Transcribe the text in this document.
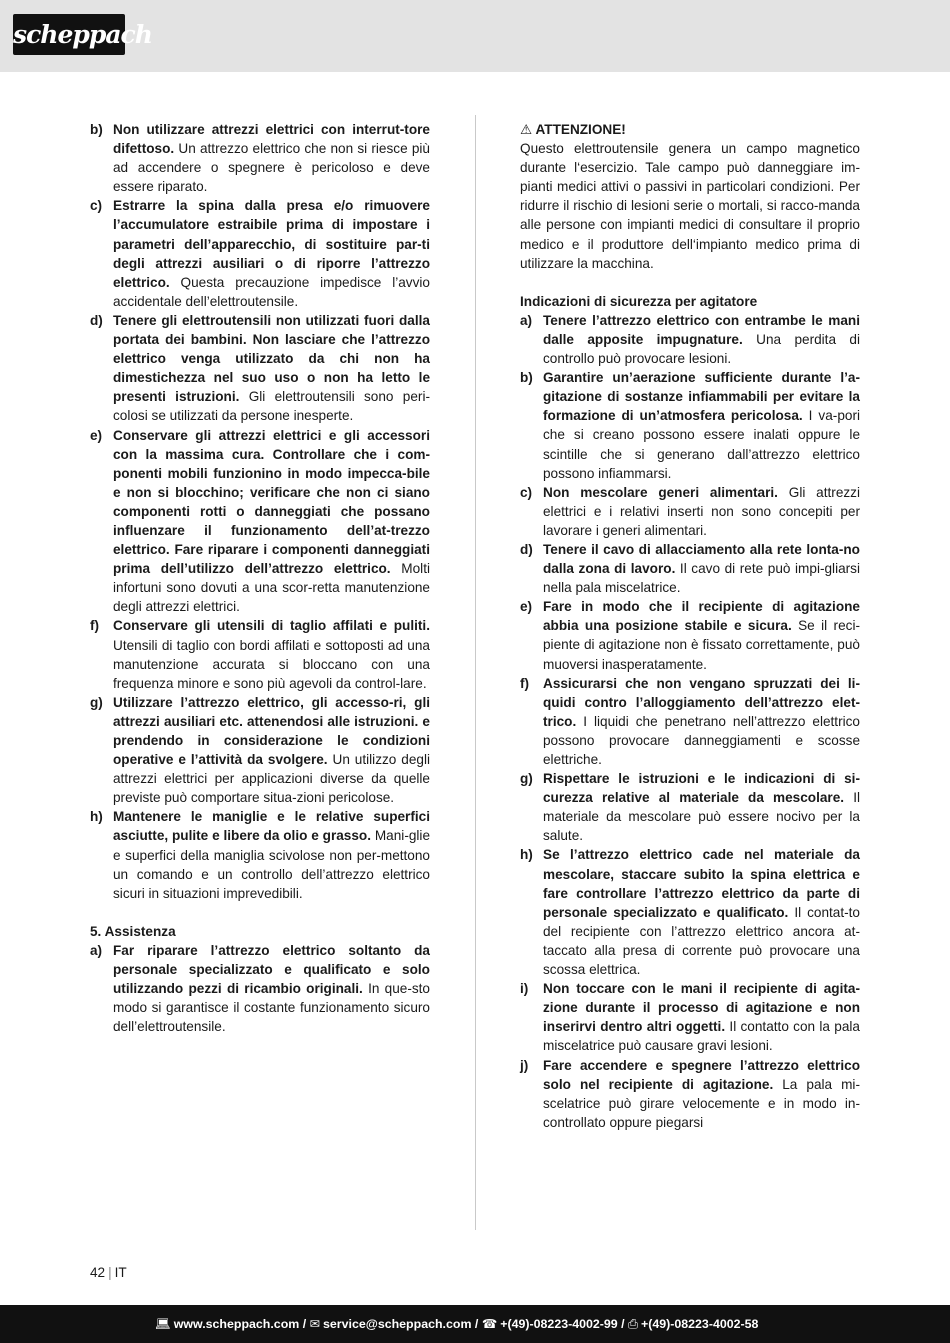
scheppach
b) Non utilizzare attrezzi elettrici con interrut-tore difettoso. Un attrezzo elettrico che non si riesce più ad accendere o spegnere è pericoloso e deve essere riparato.
c) Estrarre la spina dalla presa e/o rimuovere l’accumulatore estraibile prima di impostare i parametri dell’apparecchio, di sostituire par-ti degli attrezzi ausiliari o di riporre l’attrezzo elettrico. Questa precauzione impedisce l’avvio accidentale dell’elettroutensile.
d) Tenere gli elettroutensili non utilizzati fuori dalla portata dei bambini. Non lasciare che l’attrezzo elettrico venga utilizzato da chi non ha dimestichezza nel suo uso o non ha letto le presenti istruzioni. Gli elettroutensili sono peri-colosi se utilizzati da persone inesperte.
e) Conservare gli attrezzi elettrici e gli accessori con la massima cura. Controllare che i com-ponenti mobili funzionino in modo impecca-bile e non si blocchino; verificare che non ci siano componenti rotti o danneggiati che possano influenzare il funzionamento dell’at-trezzo elettrico. Fare riparare i componenti danneggiati prima dell’utilizzo dell’attrezzo elettrico. Molti infortuni sono dovuti a una scor-retta manutenzione degli attrezzi elettrici.
f) Conservare gli utensili di taglio affilati e puliti. Utensili di taglio con bordi affilati e sottoposti ad una manutenzione accurata si bloccano con una frequenza minore e sono più agevoli da control-lare.
g) Utilizzare l’attrezzo elettrico, gli accesso-ri, gli attrezzi ausiliari etc. attenendosi alle istruzioni. e prendendo in considerazione le condizioni operative e l’attività da svolgere. Un utilizzo degli attrezzi elettrici per applicazioni diverse da quelle previste può comportare situa-zioni pericolose.
h) Mantenere le maniglie e le relative superfici asciutte, pulite e libere da olio e grasso. Mani-glie e superfici della maniglia scivolose non per-mettono un comando e un controllo dell’attrezzo elettrico sicuri in situazioni imprevedibili.
5. Assistenza
a) Far riparare l’attrezzo elettrico soltanto da personale specializzato e qualificato e solo utilizzando pezzi di ricambio originali. In que-sto modo si garantisce il costante funzionamento sicuro dell’elettroutensile.
⚠ ATTENZIONE!
Questo elettroutensile genera un campo magnetico durante l‘esercizio. Tale campo può danneggiare im-pianti medici attivi o passivi in particolari condizioni. Per ridurre il rischio di lesioni serie o mortali, si racco-manda alle persone con impianti medici di consultare il proprio medico e il produttore dell‘impianto medico prima di utilizzare la macchina.
Indicazioni di sicurezza per agitatore
a) Tenere l’attrezzo elettrico con entrambe le mani dalle apposite impugnature. Una perdita di controllo può provocare lesioni.
b) Garantire un’aerazione sufficiente durante l’a-gitazione di sostanze infiammabili per evitare la formazione di un’atmosfera pericolosa. I va-pori che si creano possono essere inalati oppure le scintille che si generano dall’attrezzo elettrico possono infiammarsi.
c) Non mescolare generi alimentari. Gli attrezzi elettrici e i relativi inserti non sono concepiti per lavorare i generi alimentari.
d) Tenere il cavo di allacciamento alla rete lonta-no dalla zona di lavoro. Il cavo di rete può impi-gliarsi nella pala miscelatrice.
e) Fare in modo che il recipiente di agitazione abbia una posizione stabile e sicura. Se il reci-piente di agitazione non è fissato correttamente, può muoversi inasperatamente.
f) Assicurarsi che non vengano spruzzati dei li-quidi contro l’alloggiamento dell’attrezzo elet-trico. I liquidi che penetrano nell’attrezzo elettrico possono provocare danneggiamenti e scosse elettriche.
g) Rispettare le istruzioni e le indicazioni di si-curezza relative al materiale da mescolare. Il materiale da mescolare può essere nocivo per la salute.
h) Se l’attrezzo elettrico cade nel materiale da mescolare, staccare subito la spina elettrica e fare controllare l’attrezzo elettrico da parte di personale specializzato e qualificato. Il contat-to del recipiente con l’attrezzo elettrico ancora at-taccato alla presa di corrente può provocare una scossa elettrica.
i) Non toccare con le mani il recipiente di agita-zione durante il processo di agitazione e non inserirvi dentro altri oggetti. Il contatto con la pala miscelatrice può causare gravi lesioni.
j) Fare accendere e spegnere l’attrezzo elettrico solo nel recipiente di agitazione. La pala mi-scelatrice può girare velocemente e in modo in-controllato oppure piegarsi
42 | IT
💻︎ www.scheppach.com / ✉︎ service@scheppach.com / ☎︎ +(49)-08223-4002-99 / ⎙ +(49)-08223-4002-58
